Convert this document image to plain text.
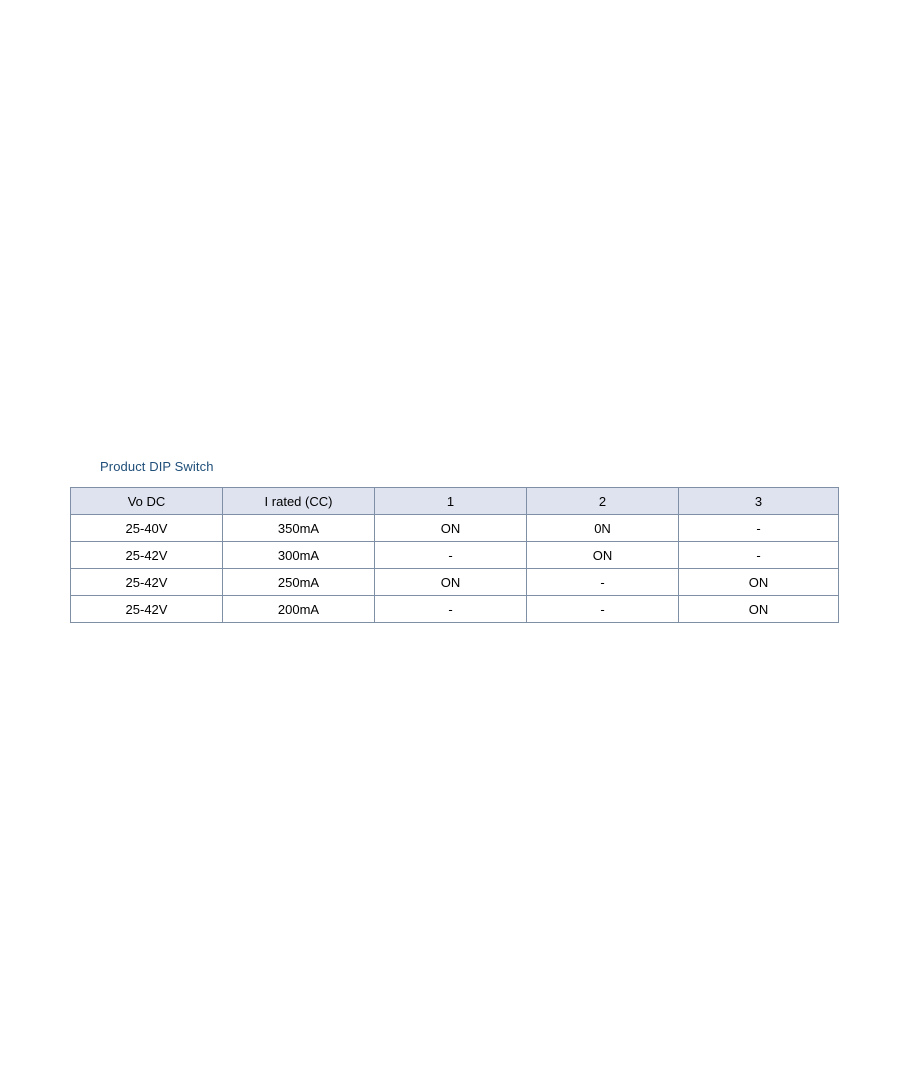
Product DIP Switch
Vo DC	I rated (CC)	1	2	3
25-40V	350mA	ON	0N	-
25-42V	300mA	-	ON	-
25-42V	250mA	ON	-	ON
25-42V	200mA	-	-	ON
